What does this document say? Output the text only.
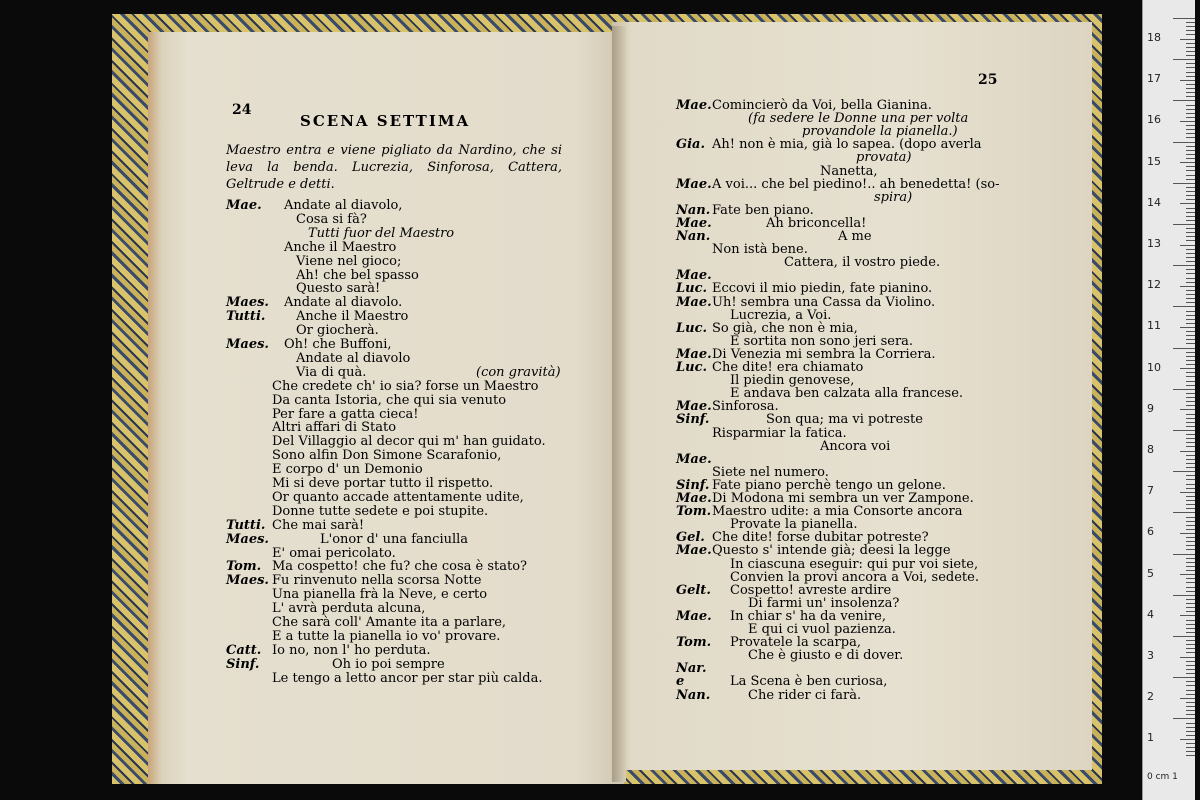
24
SCENA SETTIMA
Maestro entra e viene pigliato da Nardino, che si leva la benda. Lucrezia, Sinforosa, Cattera, Geltrude e detti.
Mae. Andate al diavolo,
Cosa si fà?
Tutti fuor del Maestro
Anche il Maestro
Viene nel gioco;
Ah! che bel spasso
Questo sarà!
Maes. Andate al diavolo.
Tutti. Anche il Maestro
Or giocherà.
Maes. Oh! che Buffoni,
Andate al diavolo
Via di quà.	(con gravità)
Che credete ch' io sia? forse un Maestro
Da canta Istoria, che qui sia venuto
Per fare a gatta cieca!
Altri affari di Stato
Del Villaggio al decor qui m' han guidato.
Sono alfin Don Simone Scarafonio,
E corpo d' un Demonio
Mi si deve portar tutto il rispetto.
Or quanto accade attentamente udite,
Donne tutte sedete e poi stupite.
Tutti. Che mai sarà!
Maes.	L'onor d' una fanciulla
E' omai pericolato.
Tom. Ma cospetto! che fu? che cosa è stato?
Maes. Fu rinvenuto nella scorsa Notte
Una pianella frà la Neve, e certo
L' avrà perduta alcuna,
Che sarà coll' Amante ita a parlare,
E a tutte la pianella io vo' provare.
Catt. Io no, non l' ho perduta.
Sinf.	Oh io poi sempre
Le tengo a letto ancor per star più calda.
25
Mae. Comincierò da Voi, bella Gianina.
(fa sedere le Donne una per volta
provandole la pianella.)
Gia. Ah! non è mia, già lo sapea. (dopo averla
provata)
Nanetta,
Mae. A voi... che bel piedino!.. ah benedetta! (so-
spira)
Nan. Fate ben piano.
Mae.	Ah briconcella!
Nan.	A me
Non istà bene.
Cattera, il vostro piede.
Mae.
Luc. Eccovi il mio piedin, fate pianino.
Mae. Uh! sembra una Cassa da Violino.
Lucrezia, a Voi.
Luc. So già, che non è mia,
E sortita non sono jeri sera.
Mae. Di Venezia mi sembra la Corriera.
Luc. Che dite! era chiamato
Il piedin genovese,
E andava ben calzata alla francese.
Mae. Sinforosa.
Sinf.	Son qua; ma vi potreste
Risparmiar la fatica.
Ancora voi
Mae.
Siete nel numero.
Sinf. Fate piano perchè tengo un gelone.
Mae. Di Modona mi sembra un ver Zampone.
Tom. Maestro udite: a mia Consorte ancora
Provate la pianella.
Gel. Che dite! forse dubitar potreste?
Mae. Questo s' intende già; deesi la legge
In ciascuna eseguir: qui pur voi siete,
Convien la provi ancora a Voi, sedete.
Gelt. Cospetto! avreste ardire
Di farmi un' insolenza?
Mae. In chiar s' ha da venire,
E qui ci vuol pazienza.
Tom. Provatele la scarpa,
Che è giusto e di dover.
Nar.
e	La Scena è ben curiosa,
Nan.	Che rider ci farà.
18
17
16
15
14
13
12
11
10
9
8
7
6
5
4
3
2
1
0 cm 1
